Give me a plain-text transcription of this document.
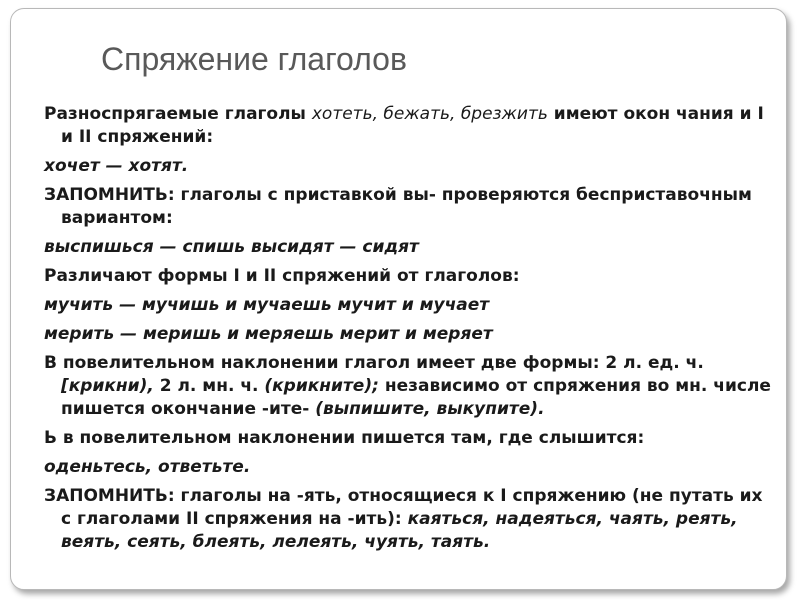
Спряжение глаголов

Разноспрягаемые глаголы хотеть, бежать, брезжить имеют окон чания и I и II спряжений:

хочет — хотят.

ЗАПОМНИТЬ: глаголы с приставкой вы- проверяются бесприставочным вариантом:

выспишься — спишь высидят — сидят

Различают формы I и II спряжений от глаголов:

мучить — мучишь и мучаешь мучит и мучает

мерить — меришь и меряешь мерит и меряет

В повелительном наклонении глагол имеет две формы: 2 л. ед. ч. [крикни), 2 л. мн. ч. (крикните); независимо от спряжения во мн. числе пишется окончание -ите- (выпишите, выкупите).

Ь в повелительном наклонении пишется там, где слышится:

оденьтесь, ответьте.

ЗАПОМНИТЬ: глаголы на -ять, относящиеся к I спряжению (не путать их с глаголами II спряжения на -ить): каяться, надеяться, чаять, реять, веять, сеять, блеять, лелеять, чуять, таять.
